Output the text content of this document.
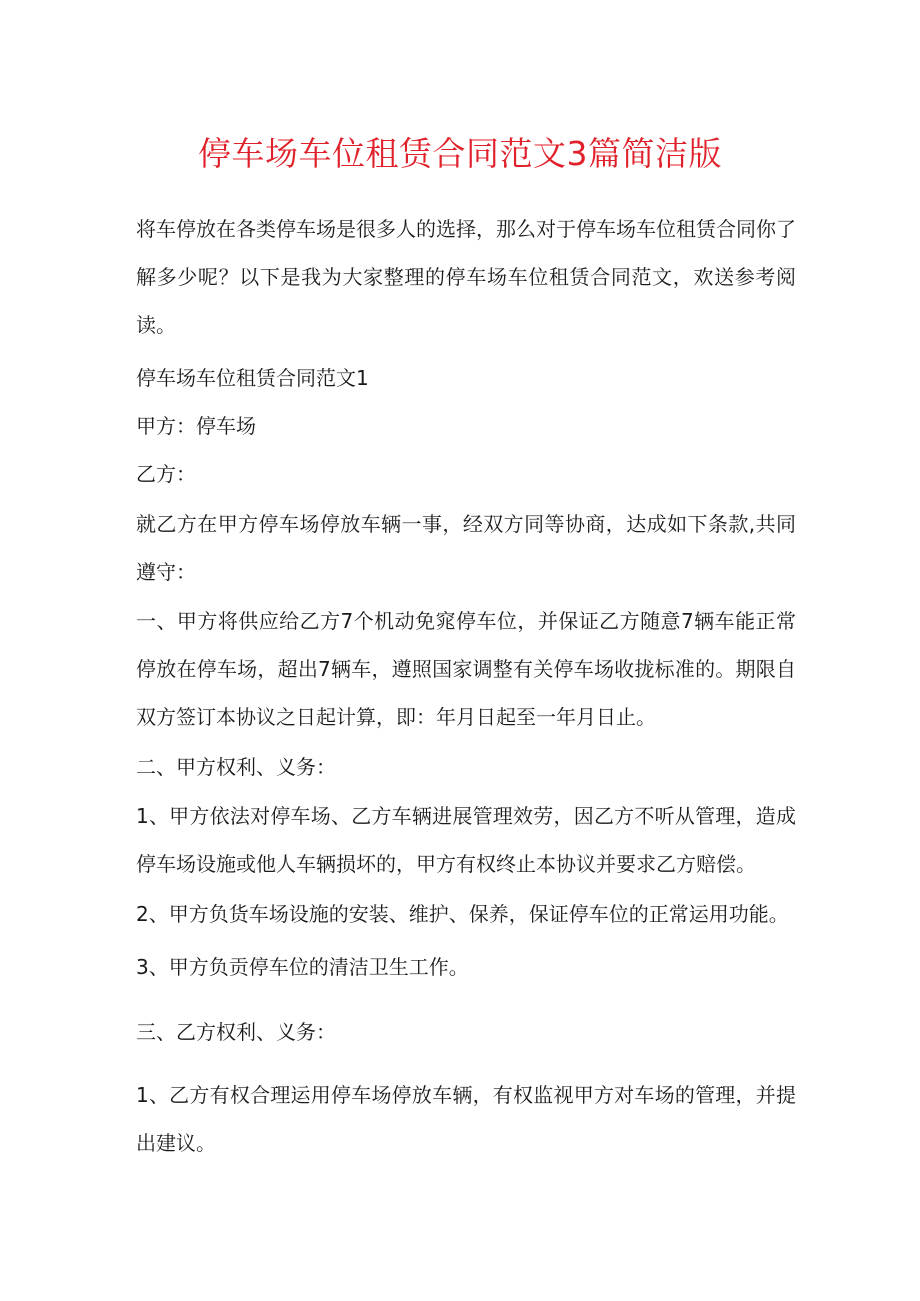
停车场车位租赁合同范文3篇简洁版

将车停放在各类停车场是很多人的选择，那么对于停车场车位租赁合同你了解多少呢？以下是我为大家整理的停车场车位租赁合同范文，欢送参考阅读。

停车场车位租赁合同范文1

甲方：停车场

乙方：

就乙方在甲方停车场停放车辆一事，经双方同等协商，达成如下条款,共同遵守：

一、甲方将供应给乙方7个机动免窕停车位，并保证乙方随意7辆车能正常停放在停车场，超出7辆车，遵照国家调整有关停车场收拢标准的。期限自双方签订本协议之日起计算，即：年月日起至一年月日止。

二、甲方权利、义务：

1、甲方依法对停车场、乙方车辆进展管理效劳，因乙方不听从管理，造成停车场设施或他人车辆损坏的，甲方有权终止本协议并要求乙方赔偿。

2、甲方负货车场设施的安装、维护、保养，保证停车位的正常运用功能。

3、甲方负贡停车位的清洁卫生工作。

三、乙方权利、义务：

1、乙方有权合理运用停车场停放车辆，有权监视甲方对车场的管理，并提出建议。
